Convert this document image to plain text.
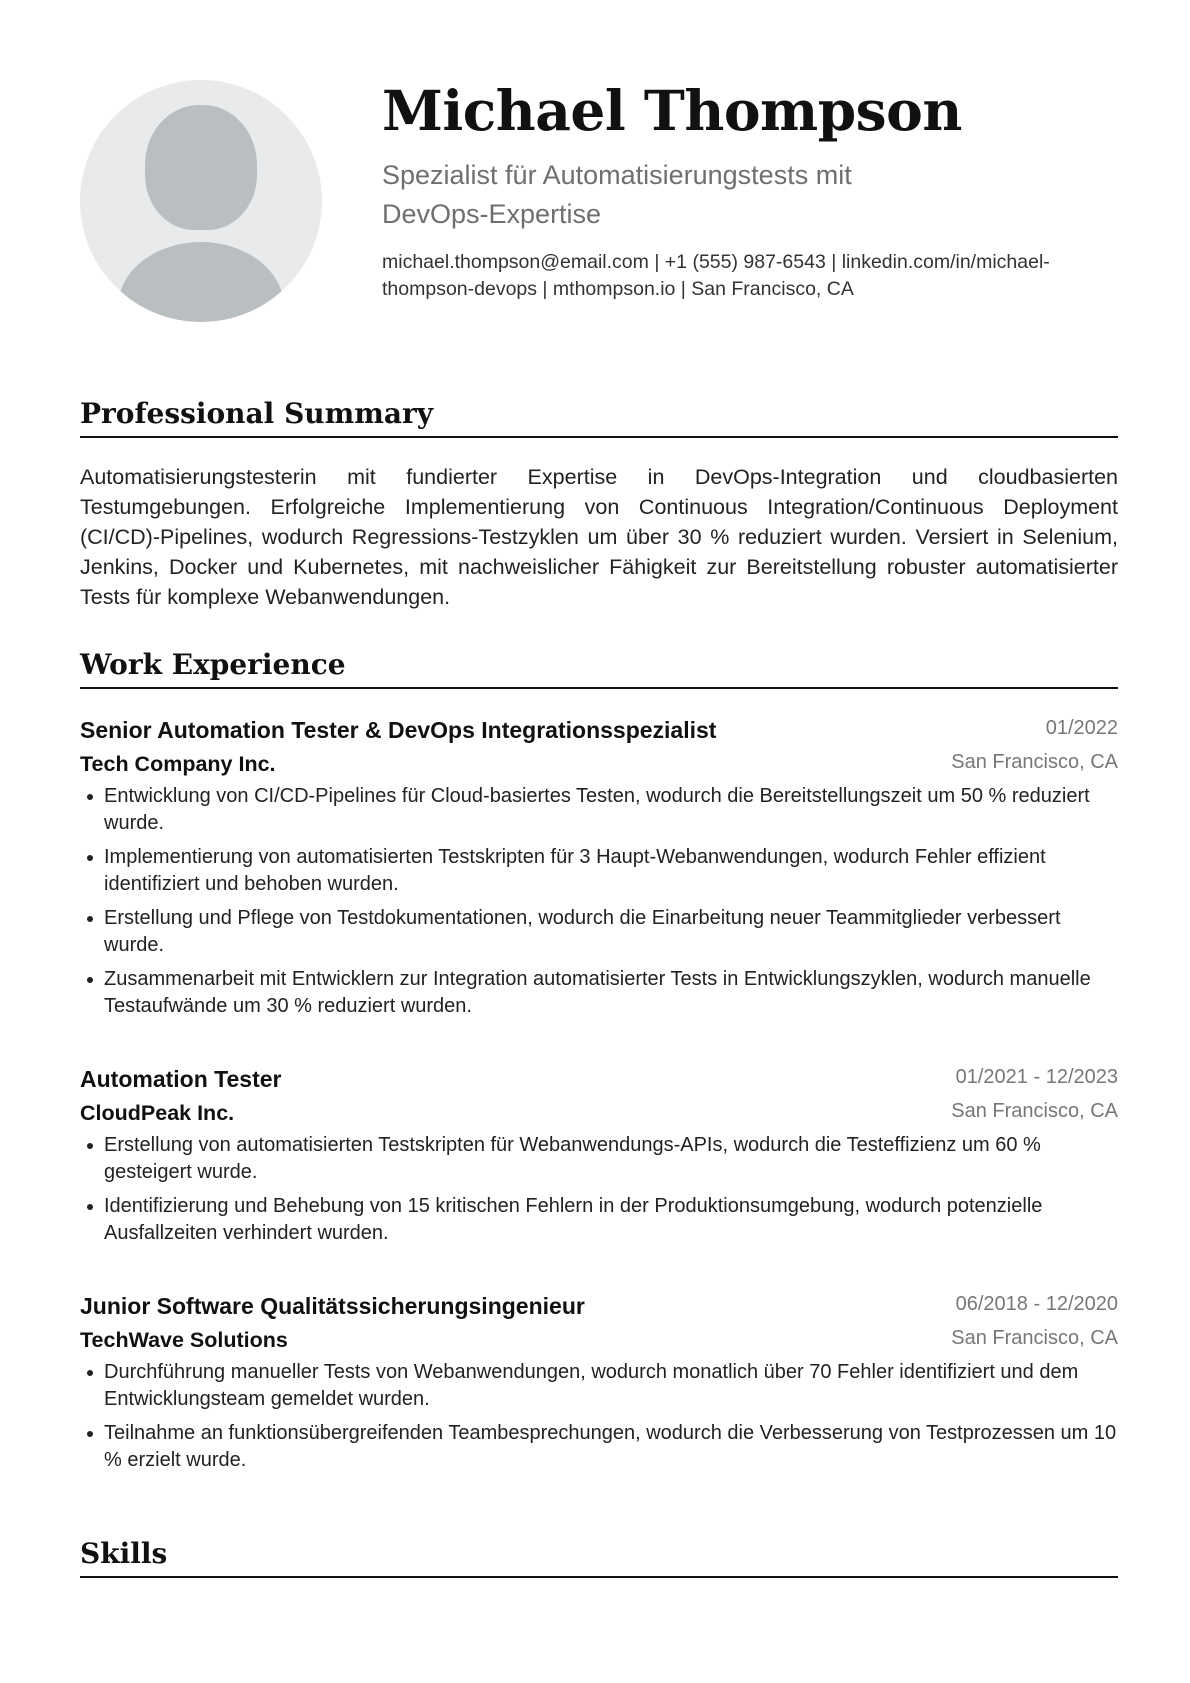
Michael Thompson
Spezialist für Automatisierungstests mit DevOps-Expertise
michael.thompson@email.com | +1 (555) 987-6543 | linkedin.com/in/michael-thompson-devops | mthompson.io | San Francisco, CA
Professional Summary
Automatisierungstesterin mit fundierter Expertise in DevOps-Integration und cloudbasierten Testumgebungen. Erfolgreiche Implementierung von Continuous Integration/Continuous Deployment (CI/CD)-Pipelines, wodurch Regressions-Testzyklen um über 30 % reduziert wurden. Versiert in Selenium, Jenkins, Docker und Kubernetes, mit nachweislicher Fähigkeit zur Bereitstellung robuster automatisierter Tests für komplexe Webanwendungen.
Work Experience
Senior Automation Tester & DevOps Integrationsspezialist	01/2022
Tech Company Inc.	San Francisco, CA
Entwicklung von CI/CD-Pipelines für Cloud-basiertes Testen, wodurch die Bereitstellungszeit um 50 % reduziert wurde.
Implementierung von automatisierten Testskripten für 3 Haupt-Webanwendungen, wodurch Fehler effizient identifiziert und behoben wurden.
Erstellung und Pflege von Testdokumentationen, wodurch die Einarbeitung neuer Teammitglieder verbessert wurde.
Zusammenarbeit mit Entwicklern zur Integration automatisierter Tests in Entwicklungszyklen, wodurch manuelle Testaufwände um 30 % reduziert wurden.
Automation Tester	01/2021 - 12/2023
CloudPeak Inc.	San Francisco, CA
Erstellung von automatisierten Testskripten für Webanwendungs-APIs, wodurch die Testeffizienz um 60 % gesteigert wurde.
Identifizierung und Behebung von 15 kritischen Fehlern in der Produktionsumgebung, wodurch potenzielle Ausfallzeiten verhindert wurden.
Junior Software Qualitätssicherungsingenieur	06/2018 - 12/2020
TechWave Solutions	San Francisco, CA
Durchführung manueller Tests von Webanwendungen, wodurch monatlich über 70 Fehler identifiziert und dem Entwicklungsteam gemeldet wurden.
Teilnahme an funktionsübergreifenden Teambesprechungen, wodurch die Verbesserung von Testprozessen um 10 % erzielt wurde.
Skills
